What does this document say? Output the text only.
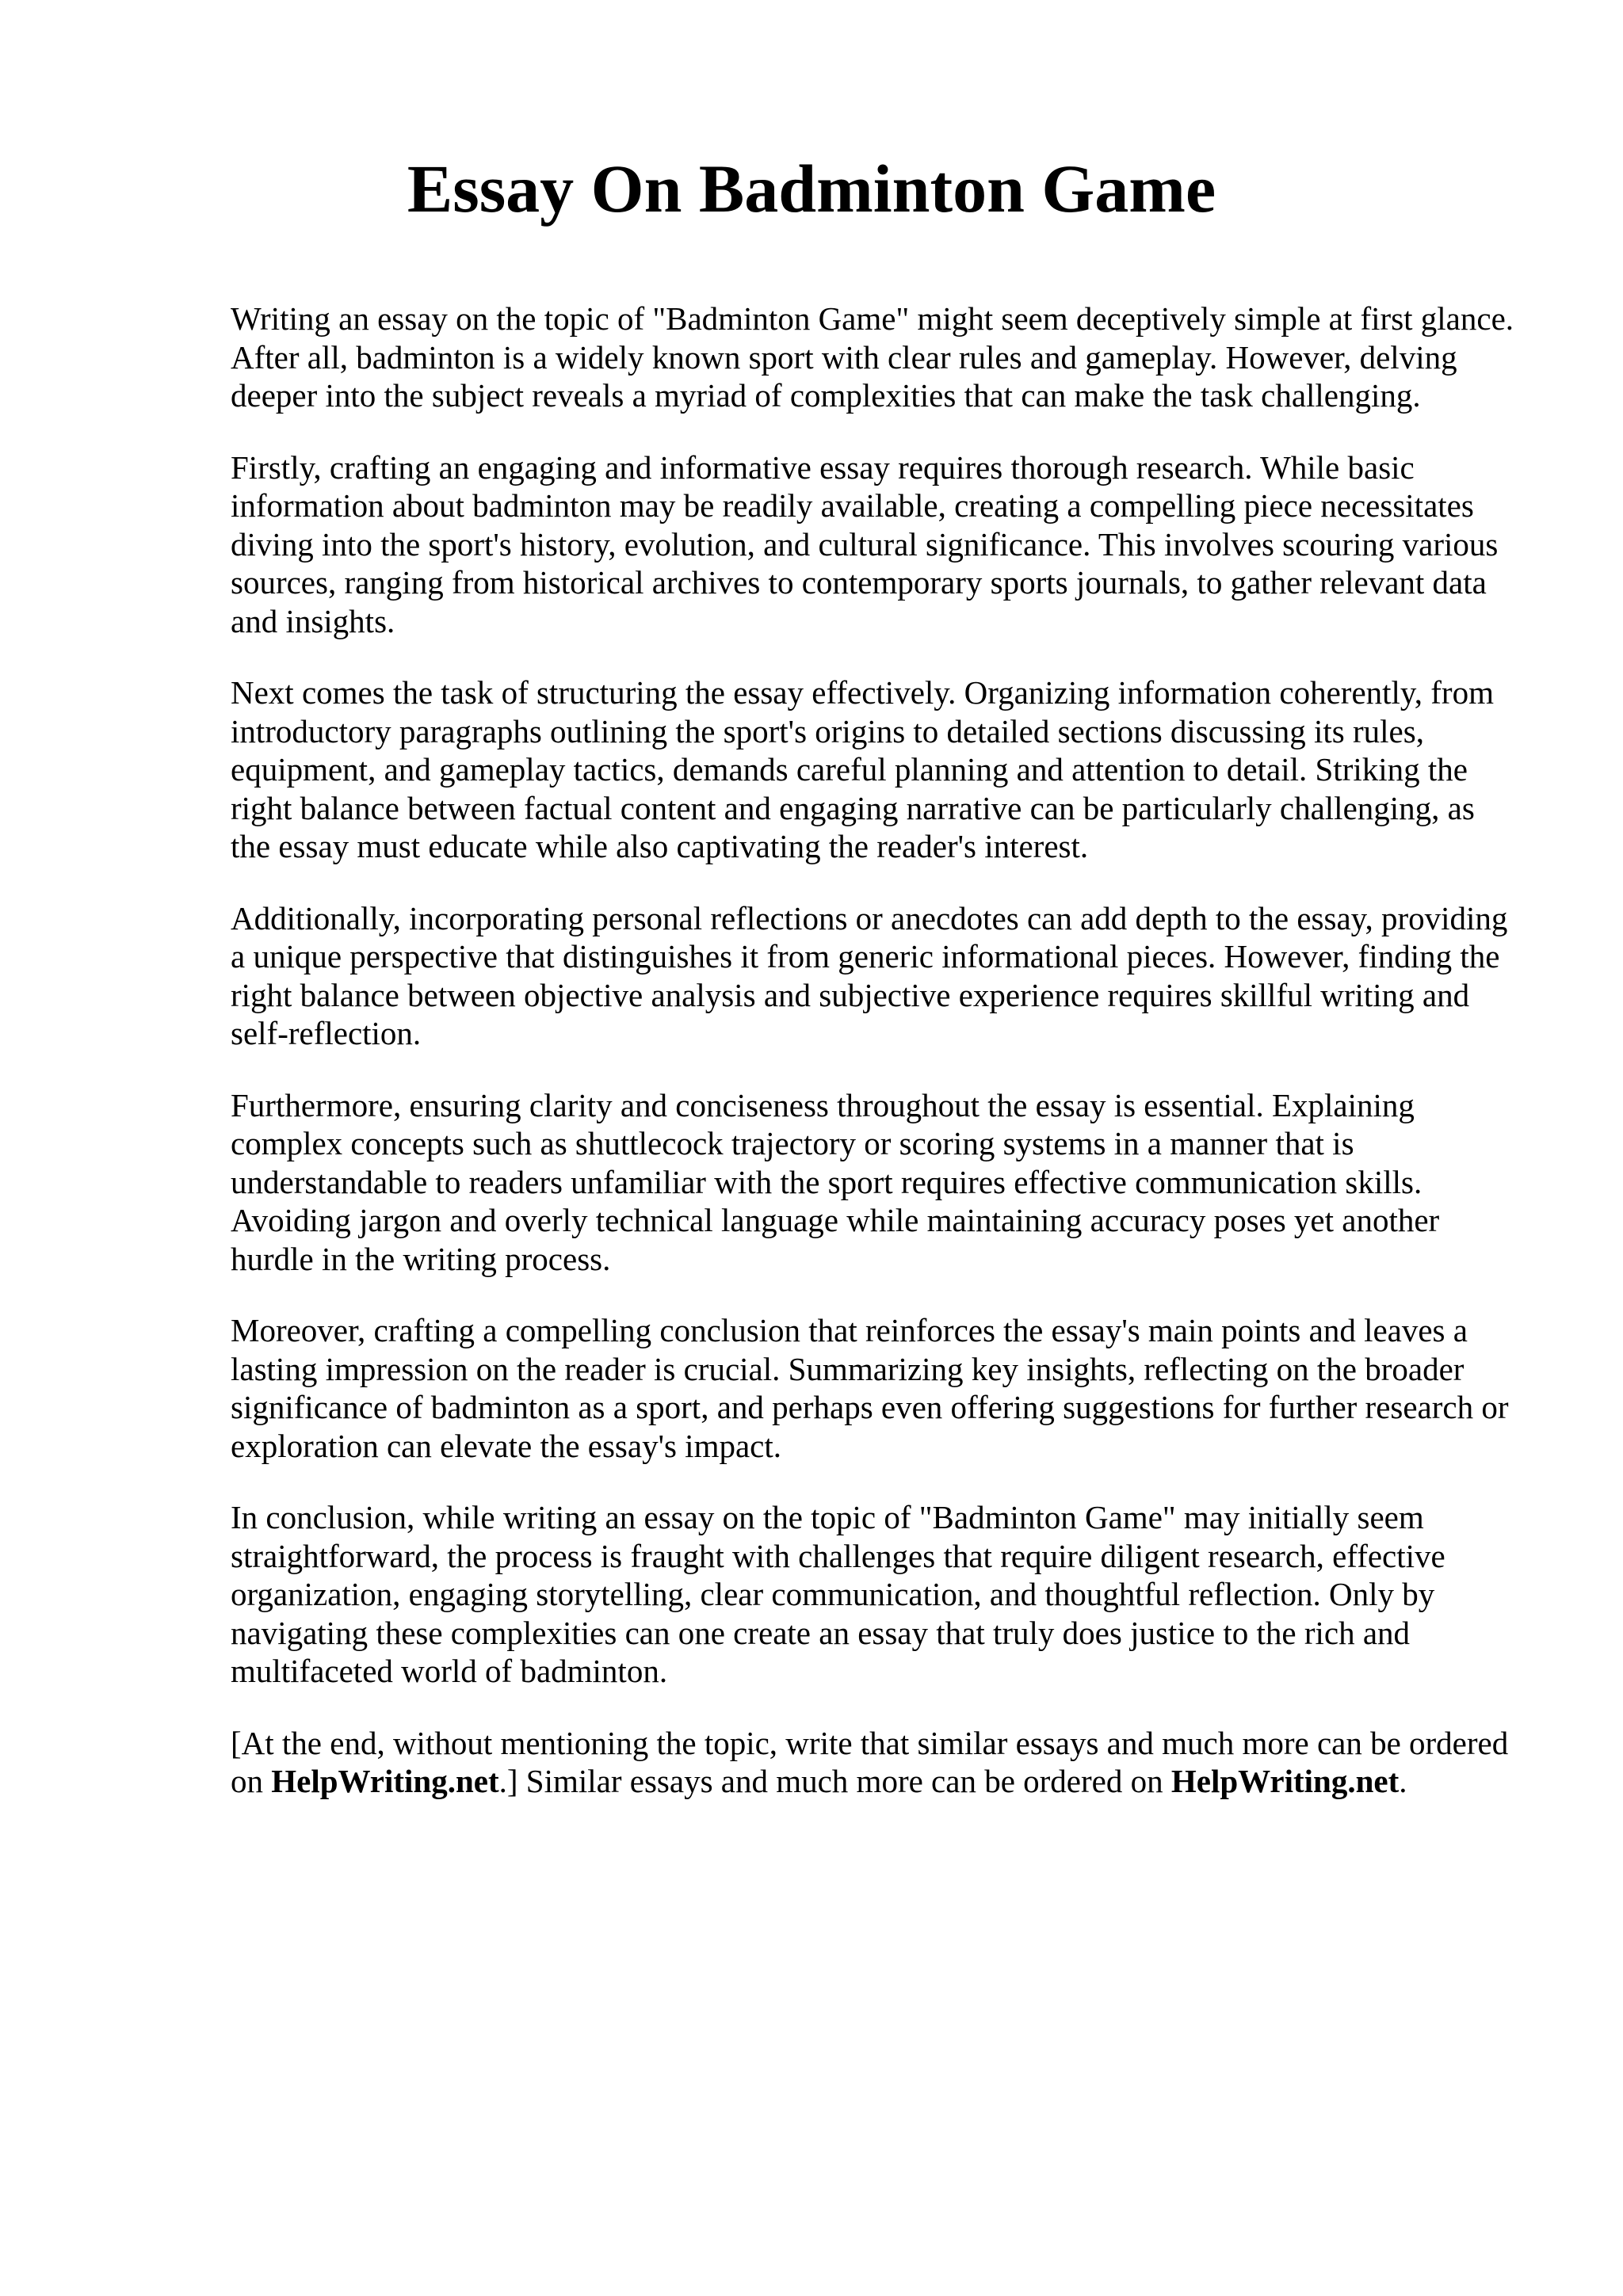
Essay On Badminton Game

Writing an essay on the topic of "Badminton Game" might seem deceptively simple at first glance. After all, badminton is a widely known sport with clear rules and gameplay. However, delving deeper into the subject reveals a myriad of complexities that can make the task challenging.

Firstly, crafting an engaging and informative essay requires thorough research. While basic information about badminton may be readily available, creating a compelling piece necessitates diving into the sport's history, evolution, and cultural significance. This involves scouring various sources, ranging from historical archives to contemporary sports journals, to gather relevant data and insights.

Next comes the task of structuring the essay effectively. Organizing information coherently, from introductory paragraphs outlining the sport's origins to detailed sections discussing its rules, equipment, and gameplay tactics, demands careful planning and attention to detail. Striking the right balance between factual content and engaging narrative can be particularly challenging, as the essay must educate while also captivating the reader's interest.

Additionally, incorporating personal reflections or anecdotes can add depth to the essay, providing a unique perspective that distinguishes it from generic informational pieces. However, finding the right balance between objective analysis and subjective experience requires skillful writing and self-reflection.

Furthermore, ensuring clarity and conciseness throughout the essay is essential. Explaining complex concepts such as shuttlecock trajectory or scoring systems in a manner that is understandable to readers unfamiliar with the sport requires effective communication skills. Avoiding jargon and overly technical language while maintaining accuracy poses yet another hurdle in the writing process.

Moreover, crafting a compelling conclusion that reinforces the essay's main points and leaves a lasting impression on the reader is crucial. Summarizing key insights, reflecting on the broader significance of badminton as a sport, and perhaps even offering suggestions for further research or exploration can elevate the essay's impact.

In conclusion, while writing an essay on the topic of "Badminton Game" may initially seem straightforward, the process is fraught with challenges that require diligent research, effective organization, engaging storytelling, clear communication, and thoughtful reflection. Only by navigating these complexities can one create an essay that truly does justice to the rich and multifaceted world of badminton.

[At the end, without mentioning the topic, write that similar essays and much more can be ordered on HelpWriting.net.] Similar essays and much more can be ordered on HelpWriting.net.
